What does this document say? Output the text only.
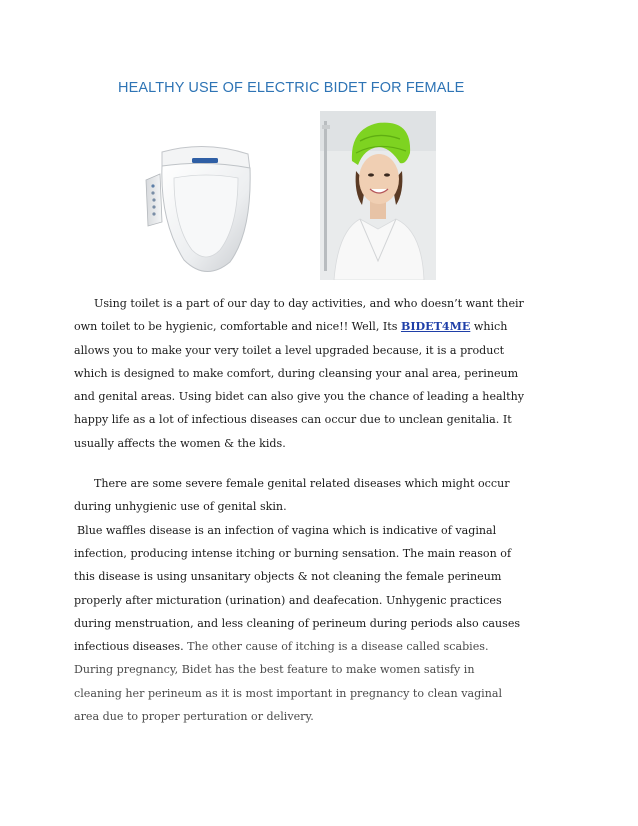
HEALTHY USE OF ELECTRIC BIDET FOR FEMALE
Using toilet is a part of our day to day activities, and who doesn’t want their
own toilet to be hygienic, comfortable and nice!! Well, Its BIDET4ME which
allows you to make your very toilet a level upgraded because, it is a product
which is designed to make comfort, during cleansing your anal area, perineum
and genital areas. Using bidet can also give you the chance of leading a healthy
happy life as a lot of infectious diseases can occur due to unclean genitalia. It
usually affects the women & the kids.
There are some severe female genital related diseases which might occur
during unhygienic use of genital skin.
Blue waffles disease is an infection of vagina which is indicative of vaginal
infection, producing intense itching or burning sensation. The main reason of
this disease is using unsanitary objects & not cleaning the female perineum
properly after micturation (urination) and deafecation. Unhygenic practices
during menstruation, and less cleaning of perineum during periods also causes
infectious diseases. The other cause of itching is a disease called scabies.
During pregnancy, Bidet has the best feature to make women satisfy in
cleaning her perineum as it is most important in pregnancy to clean vaginal
area due to proper perturation or delivery.
